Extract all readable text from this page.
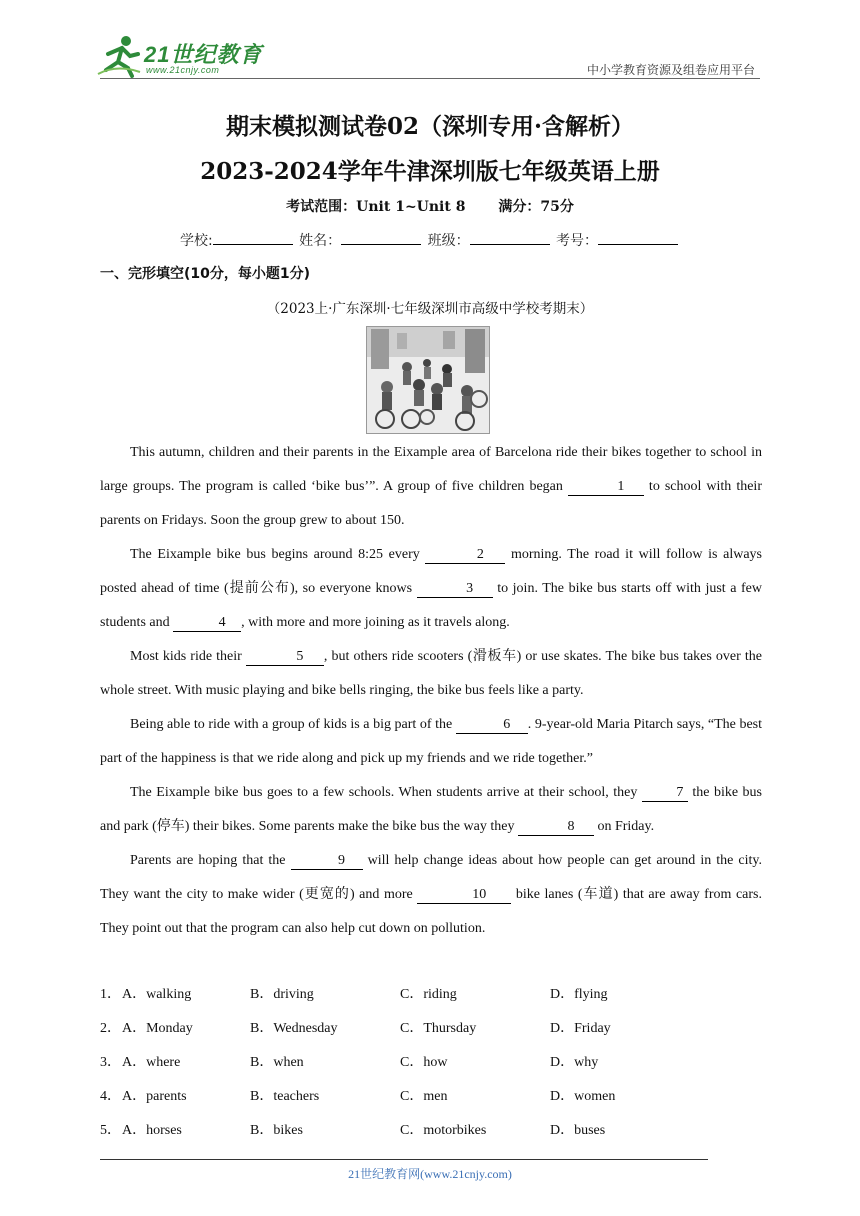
21世纪教育
www.21cnjy.com	中小学教育资源及组卷应用平台
期末模拟测试卷02（深圳专用·含解析）
2023-2024学年牛津深圳版七年级英语上册
考试范围：Unit 1~Unit 8 满分：75分
学校:	姓名：	班级：	考号：
一、完形填空(10分，每小题1分)
（2023上·广东深圳·七年级深圳市高级中学校考期末）

This autumn, children and their parents in the Eixample area of Barcelona ride their bikes together to school in large groups. The program is called ‘bike bus’”. A group of five children began	1 to school with their parents on Fridays. Soon the group grew to about 150.

The Eixample bike bus begins around 8:25 every	2 morning. The road it will follow is always posted ahead of time (提前公布), so everyone knows	3 to join. The bike bus starts off with just a few students and	4 , with more and more joining as it travels along.

Most kids ride their	5 , but others ride scooters (滑板车) or use skates. The bike bus takes over the whole street. With music playing and bike bells ringing, the bike bus feels like a party.

Being able to ride with a group of kids is a big part of the	6 . 9-year-old Maria Pitarch says, “The best part of the happiness is that we ride along and pick up my friends and we ride together.”

The Eixample bike bus goes to a few schools. When students arrive at their school, they 7 the bike bus and park (停车) their bikes. Some parents make the bike bus the way they	8 on Friday.

Parents are hoping that the	9 will help change ideas about how people can get around in the city. They want the city to make wider (更宽的) and more	10 bike lanes (车道) that are away from cars. They point out that the program can also help cut down on pollution.

1． A．walking	B．driving	C．riding	D．flying
2． A．Monday	B．Wednesday	C．Thursday	D．Friday
3． A．where	B．when	C．how	D．why
4． A．parents	B．teachers	C．men	D．women
5． A．horses	B．bikes	C．motorbikes	D．buses
21世纪教育网(www.21cnjy.com)
